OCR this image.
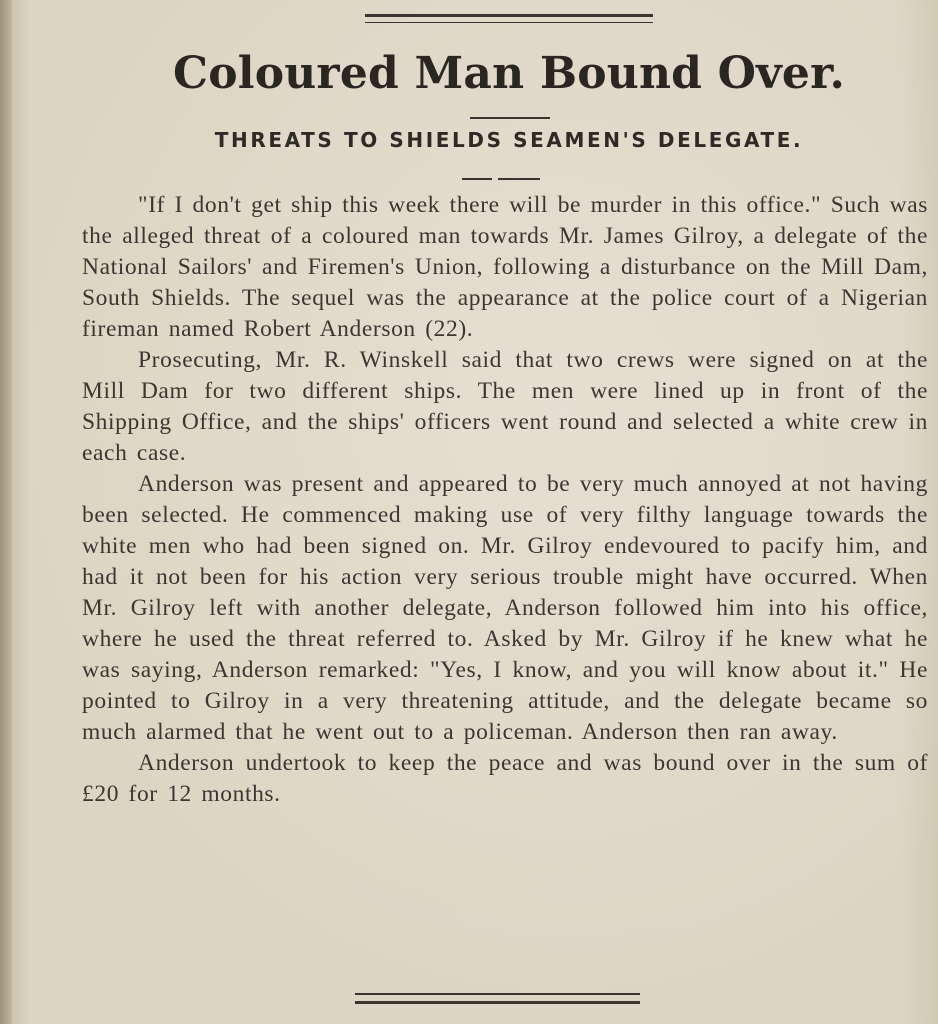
Coloured Man Bound Over.
THREATS TO SHIELDS SEAMEN'S DELEGATE.

"If I don't get ship this week there will be murder in this office." Such was the alleged threat of a coloured man towards Mr. James Gilroy, a delegate of the National Sailors' and Firemen's Union, following a disturbance on the Mill Dam, South Shields. The sequel was the appearance at the police court of a Nigerian fireman named Robert Anderson (22).

Prosecuting, Mr. R. Winskell said that two crews were signed on at the Mill Dam for two different ships. The men were lined up in front of the Shipping Office, and the ships' officers went round and selected a white crew in each case.

Anderson was present and appeared to be very much annoyed at not having been selected. He commenced making use of very filthy language towards the white men who had been signed on. Mr. Gilroy endevoured to pacify him, and had it not been for his action very serious trouble might have occurred. When Mr. Gilroy left with another delegate, Anderson followed him into his office, where he used the threat referred to. Asked by Mr. Gilroy if he knew what he was saying, Anderson remarked: "Yes, I know, and you will know about it." He pointed to Gilroy in a very threatening attitude, and the delegate became so much alarmed that he went out to a policeman. Anderson then ran away.

Anderson undertook to keep the peace and was bound over in the sum of £20 for 12 months.
